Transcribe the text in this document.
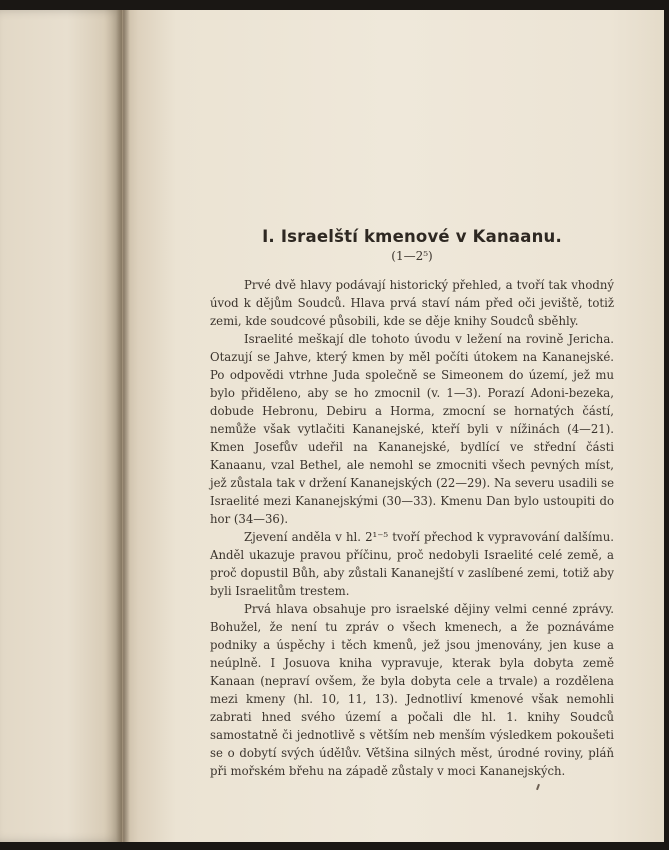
I. Israelští kmenové v Kanaanu.
(1—2⁵)

Prvé dvě hlavy podávají historický přehled, a tvoří tak vhodný úvod k dějům Soudců. Hlava prvá staví nám před oči jeviště, totiž zemi, kde soudcové působili, kde se děje knihy Soudců sběhly.

Israelité meškají dle tohoto úvodu v ležení na rovině Jericha. Otazují se Jahve, který kmen by měl počíti útokem na Kananejské. Po odpovědi vtrhne Juda společně se Simeonem do území, jež mu bylo přiděleno, aby se ho zmocnil (v. 1—3). Porazí Adoni-bezeka, dobude Hebronu, Debiru a Horma, zmocní se hornatých částí, nemůže však vytlačiti Kananejské, kteří byli v nížinách (4—21). Kmen Josefův udeřil na Kananejské, bydlící ve střední části Kanaanu, vzal Bethel, ale nemohl se zmocniti všech pevných míst, jež zůstala tak v držení Kananejských (22—29). Na severu usadili se Israelité mezi Kananejskými (30—33). Kmenu Dan bylo ustoupiti do hor (34—36).

Zjevení anděla v hl. 2¹⁻⁵ tvoří přechod k vypravování dalšímu. Anděl ukazuje pravou příčinu, proč nedobyli Israelité celé země, a proč dopustil Bůh, aby zůstali Kananejští v zaslíbené zemi, totiž aby byli Israelitům trestem.

Prvá hlava obsahuje pro israelské dějiny velmi cenné zprávy. Bohužel, že není tu zpráv o všech kmenech, a že poznáváme podniky a úspěchy i těch kmenů, jež jsou jmenovány, jen kuse a neúplně. I Josuova kniha vypravuje, kterak byla dobyta země Kanaan (nepraví ovšem, že byla dobyta cele a trvale) a rozdělena mezi kmeny (hl. 10, 11, 13). Jednotliví kmenové však nemohli zabrati hned svého území a počali dle hl. 1. knihy Soudců samostatně či jednotlivě s větším neb menším výsledkem pokoušeti se o dobytí svých údělův. Většina silných měst, úrodné roviny, pláň při mořském břehu na západě zůstaly v moci Kananejských.
